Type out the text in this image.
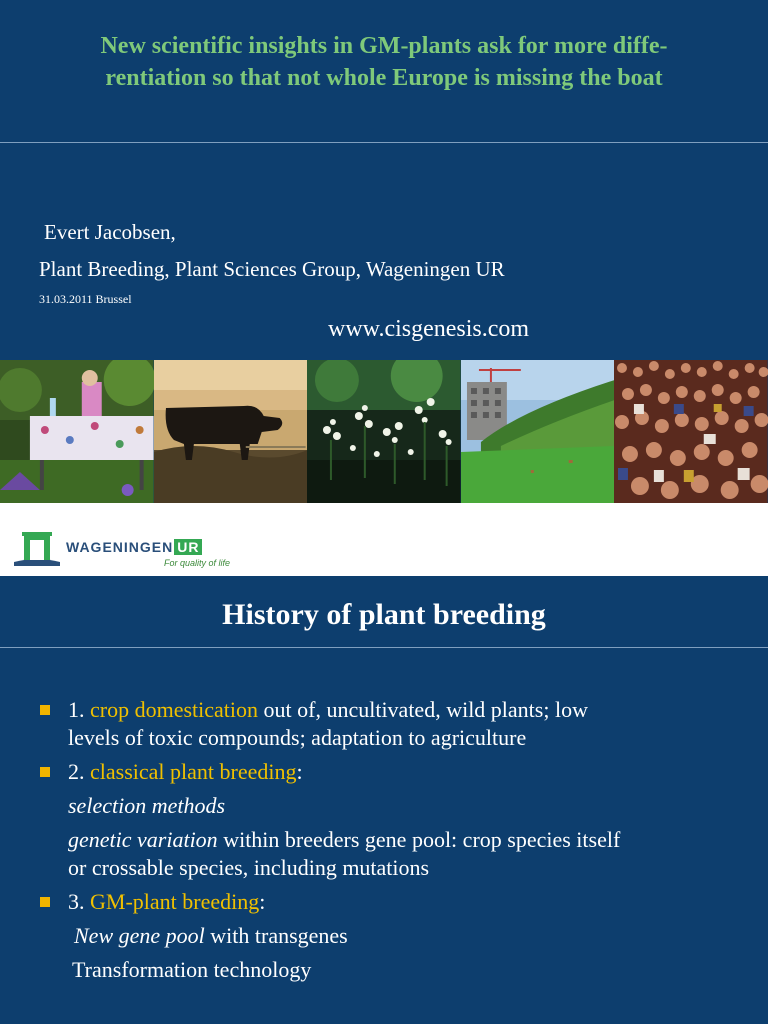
New scientific insights in GM-plants ask for more diffe-
rentiation so that not whole Europe is missing the boat
Evert Jacobsen,
Plant Breeding, Plant Sciences Group, Wageningen UR
31.03.2011 Brussel
www.cisgenesis.com
WAGENINGEN UR
For quality of life
History of plant breeding
1. crop domestication out of, uncultivated, wild plants; low
levels of toxic compounds; adaptation to agriculture
2. classical plant breeding:
selection methods
genetic variation within breeders gene pool: crop species itself
or crossable species, including mutations
3. GM-plant breeding:
New gene pool with transgenes
Transformation technology
